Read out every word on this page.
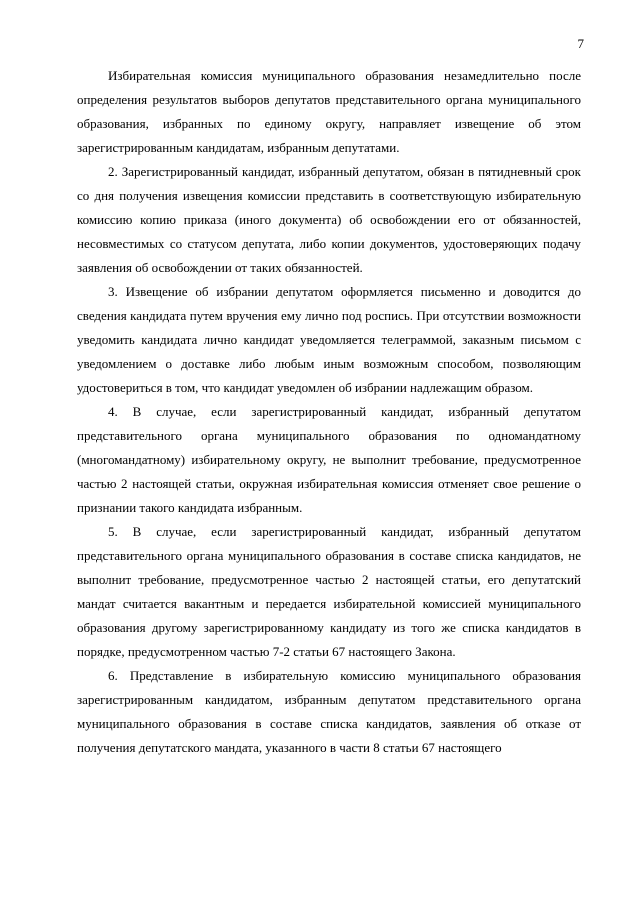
7

Избирательная комиссия муниципального образования незамедлительно после определения результатов выборов депутатов представительного органа муниципального образования, избранных по единому округу, направляет извещение об этом зарегистрированным кандидатам, избранным депутатами.

2. Зарегистрированный кандидат, избранный депутатом, обязан в пятидневный срок со дня получения извещения комиссии представить в соответствующую избирательную комиссию копию приказа (иного документа) об освобождении его от обязанностей, несовместимых со статусом депутата, либо копии документов, удостоверяющих подачу заявления об освобождении от таких обязанностей.

3. Извещение об избрании депутатом оформляется письменно и доводится до сведения кандидата путем вручения ему лично под роспись. При отсутствии возможности уведомить кандидата лично кандидат уведомляется телеграммой, заказным письмом с уведомлением о доставке либо любым иным возможным способом, позволяющим удостовериться в том, что кандидат уведомлен об избрании надлежащим образом.

4. В случае, если зарегистрированный кандидат, избранный депутатом представительного органа муниципального образования по одномандатному (многомандатному) избирательному округу, не выполнит требование, предусмотренное частью 2 настоящей статьи, окружная избирательная комиссия отменяет свое решение о признании такого кандидата избранным.

5. В случае, если зарегистрированный кандидат, избранный депутатом представительного органа муниципального образования в составе списка кандидатов, не выполнит требование, предусмотренное частью 2 настоящей статьи, его депутатский мандат считается вакантным и передается избирательной комиссией муниципального образования другому зарегистрированному кандидату из того же списка кандидатов в порядке, предусмотренном частью 7-2 статьи 67 настоящего Закона.

6. Представление в избирательную комиссию муниципального образования зарегистрированным кандидатом, избранным депутатом представительного органа муниципального образования в составе списка кандидатов, заявления об отказе от получения депутатского мандата, указанного в части 8 статьи 67 настоящего
